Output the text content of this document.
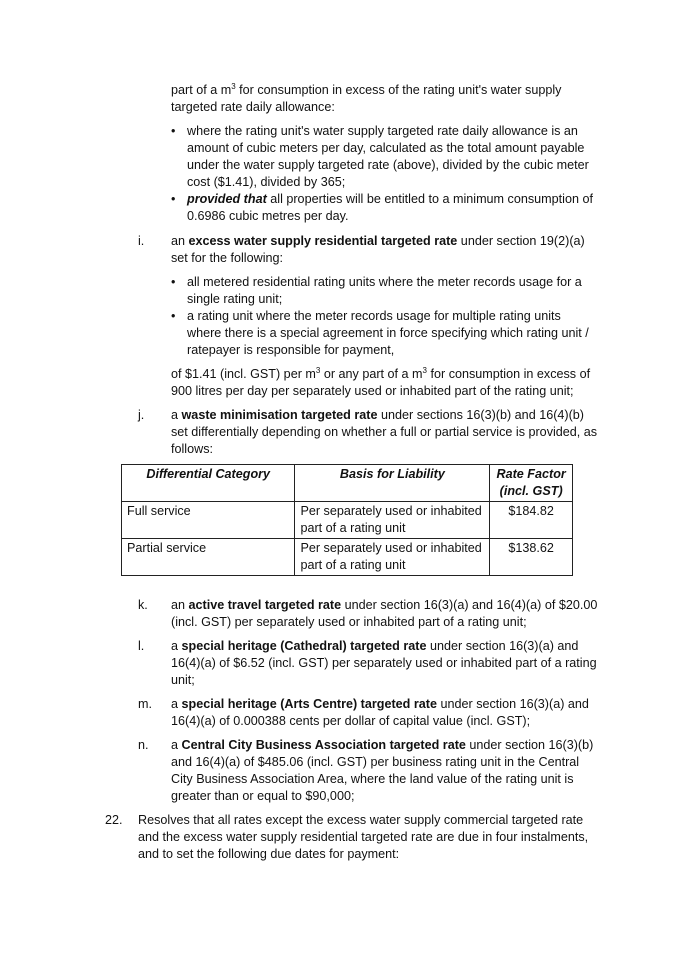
part of a $m^3$ for consumption in excess of the rating unit's water supply targeted rate daily allowance:

• where the rating unit's water supply targeted rate daily allowance is an amount of cubic meters per day, calculated as the total amount payable under the water supply targeted rate (above), divided by the cubic meter cost ($1.41), divided by 365;
• provided that all properties will be entitled to a minimum consumption of 0.6986 cubic metres per day.
i.	an excess water supply residential targeted rate under section 19(2)(a) set for the following:

• all metered residential rating units where the meter records usage for a single rating unit;
• a rating unit where the meter records usage for multiple rating units where there is a special agreement in force specifying which rating unit / ratepayer is responsible for payment,

of $1.41 (incl. GST) per $m^3$ or any part of a $m^3$ for consumption in excess of 900 litres per day per separately used or inhabited part of the rating unit;

j.	a waste minimisation targeted rate under sections 16(3)(b) and 16(4)(b) set differentially depending on whether a full or partial service is provided, as follows:

Differential Category	Basis for Liability	Rate Factor (incl. GST)
Full service	Per separately used or inhabited part of a rating unit	$184.82
Partial service	Per separately used or inhabited part of a rating unit	$138.62
k.	an active travel targeted rate under section 16(3)(a) and 16(4)(a) of $20.00 (incl. GST) per separately used or inhabited part of a rating unit;

l.	a special heritage (Cathedral) targeted rate under section 16(3)(a) and 16(4)(a) of $6.52 (incl. GST) per separately used or inhabited part of a rating unit;

m.	a special heritage (Arts Centre) targeted rate under section 16(3)(a) and 16(4)(a) of 0.000388 cents per dollar of capital value (incl. GST);

n.	a Central City Business Association targeted rate under section 16(3)(b) and 16(4)(a) of $485.06 (incl. GST) per business rating unit in the Central City Business Association Area, where the land value of the rating unit is greater than or equal to $90,000;

22.	Resolves that all rates except the excess water supply commercial targeted rate and the excess water supply residential targeted rate are due in four instalments, and to set the following due dates for payment:
